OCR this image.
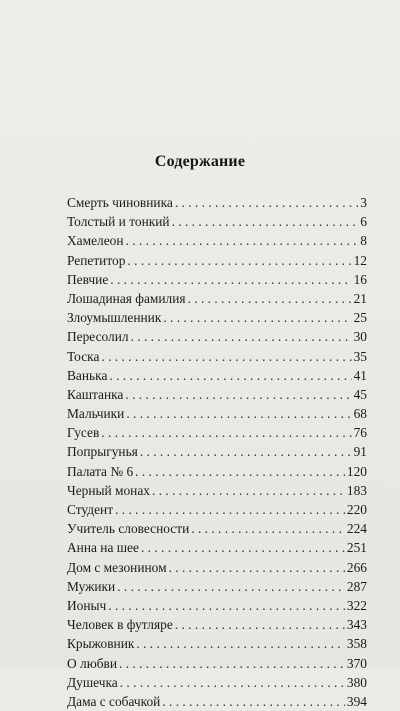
Содержание
Смерть чиновника . . .	3
Толстый и тонкий . . .	6
Хамелеон . . .	8
Репетитор . . .	12
Певчие . . .	16
Лошадиная фамилия . . .	21
Злоумышленник . . .	25
Пересолил . . .	30
Тоска . . .	35
Ванька . . .	41
Каштанка . . .	45
Мальчики . . .	68
Гусев . . .	76
Попрыгунья . . .	91
Палата № 6 . . .	120
Черный монах . . .	183
Студент . . .	220
Учитель словесности . . .	224
Анна на шее . . .	251
Дом с мезонином . . .	266
Мужики . . .	287
Ионыч . . .	322
Человек в футляре . . .	343
Крыжовник . . .	358
О любви . . .	370
Душечка . . .	380
Дама с собачкой . . .	394
